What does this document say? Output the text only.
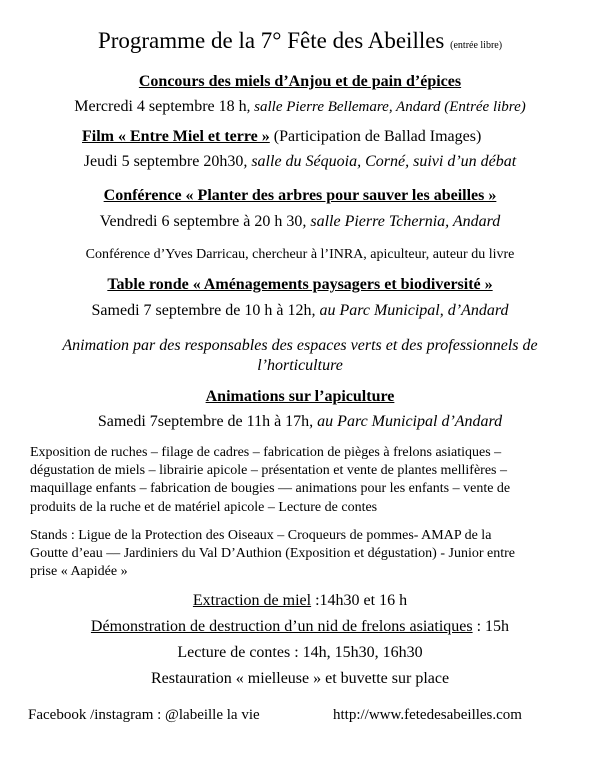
Programme de la 7° Fête des Abeilles (entrée libre)
Concours des miels d’Anjou et de pain d’épices
Mercredi 4 septembre 18 h, salle Pierre Bellemare, Andard (Entrée libre)
Film « Entre Miel et terre » (Participation de Ballad Images)
Jeudi 5 septembre 20h30, salle du Séquoia, Corné, suivi d’un débat
Conférence « Planter des arbres pour sauver les abeilles »
Vendredi 6 septembre à 20 h 30, salle Pierre Tchernia, Andard
Conférence d’Yves Darricau, chercheur à l’INRA, apiculteur, auteur du livre
Table ronde « Aménagements paysagers et biodiversité »
Samedi 7 septembre de 10 h à 12h, au Parc Municipal, d’Andard
Animation par des responsables des espaces verts et des professionnels de
l’horticulture
Animations sur l’apiculture
Samedi 7septembre de 11h à 17h, au Parc Municipal d’Andard
Exposition de ruches – filage de cadres – fabrication de pièges à frelons asiatiques –
dégustation de miels – librairie apicole – présentation et vente de plantes mellifères –
maquillage enfants – fabrication de bougies –– animations pour les enfants – vente de
produits de la ruche et de matériel apicole – Lecture de contes
Stands : Ligue de la Protection des Oiseaux – Croqueurs de pommes- AMAP de la
Goutte d’eau –– Jardiniers du Val D’Authion (Exposition et dégustation) - Junior entre
prise « Aapidée »
Extraction de miel :14h30 et 16 h
Démonstration de destruction d’un nid de frelons asiatiques : 15h
Lecture de contes : 14h, 15h30, 16h30
Restauration « mielleuse » et buvette sur place
Facebook /instagram : @labeille la vie	http://www.fetedesabeilles.com
